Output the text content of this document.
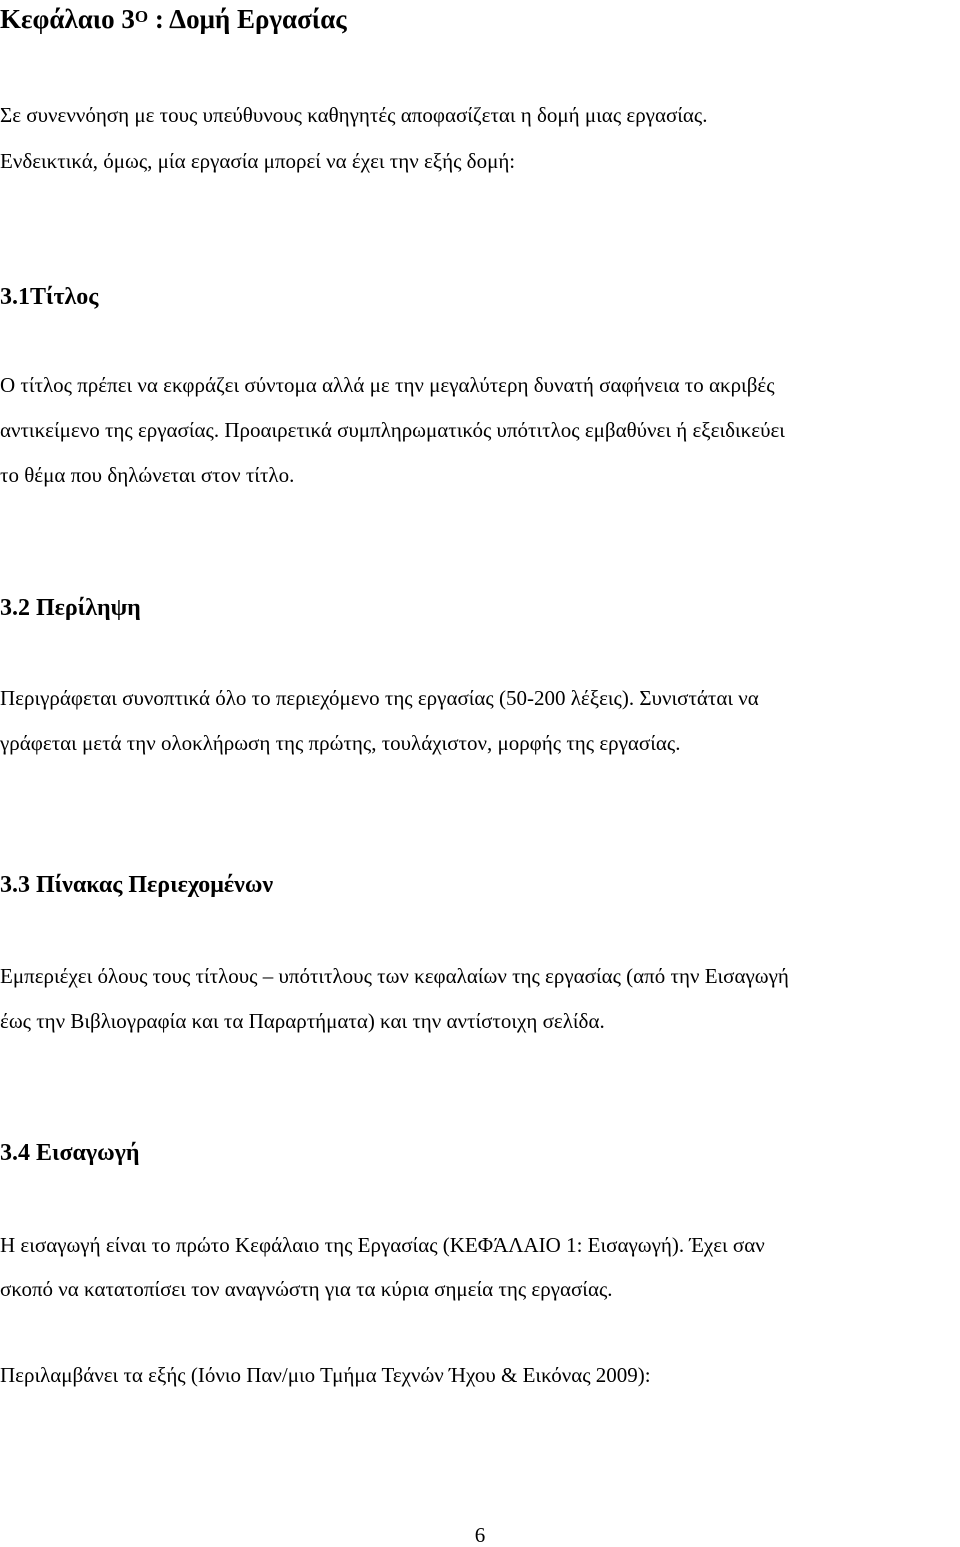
Κεφάλαιο $3^O$ : Δομή Εργασίας

Σε συνεννόηση με τους υπεύθυνους καθηγητές αποφασίζεται η δομή μιας εργασίας.

Ενδεικτικά, όμως, μία εργασία μπορεί να έχει την εξής δομή:

3.1Τίτλος

Ο τίτλος πρέπει να εκφράζει σύντομα αλλά με την μεγαλύτερη δυνατή σαφήνεια το ακριβές

αντικείμενο της εργασίας. Προαιρετικά συμπληρωματικός υπότιτλος εμβαθύνει ή εξειδικεύει

το θέμα που δηλώνεται στον τίτλο.

3.2 Περίληψη

Περιγράφεται συνοπτικά όλο το περιεχόμενο της εργασίας (50-200 λέξεις). Συνιστάται να

γράφεται μετά την ολοκλήρωση της πρώτης, τουλάχιστον, μορφής της εργασίας.

3.3 Πίνακας Περιεχομένων

Εμπεριέχει όλους τους τίτλους – υπότιτλους των κεφαλαίων της εργασίας (από την Εισαγωγή

έως την Βιβλιογραφία και τα Παραρτήματα) και την αντίστοιχη σελίδα.

3.4 Εισαγωγή

Η εισαγωγή είναι το πρώτο Κεφάλαιο της Εργασίας (ΚΕΦΆΛΑΙΟ 1: Εισαγωγή). Έχει σαν

σκοπό να κατατοπίσει τον αναγνώστη για τα κύρια σημεία της εργασίας.

Περιλαμβάνει τα εξής (Ιόνιο Παν/μιο Τμήμα Τεχνών Ήχου & Εικόνας 2009):

6
